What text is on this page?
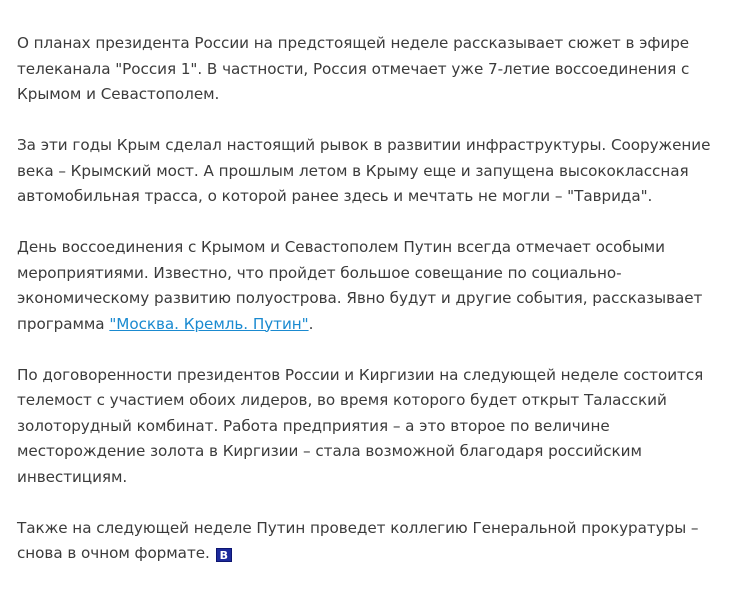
О планах президента России на предстоящей неделе рассказывает сюжет в эфире телеканала "Россия 1". В частности, Россия отмечает уже 7-летие воссоединения с Крымом и Севастополем.

За эти годы Крым сделал настоящий рывок в развитии инфраструктуры. Сооружение века – Крымский мост. А прошлым летом в Крыму еще и запущена высококлассная автомобильная трасса, о которой ранее здесь и мечтать не могли – "Таврида".

День воссоединения с Крымом и Севастополем Путин всегда отмечает особыми мероприятиями. Известно, что пройдет большое совещание по социально-экономическому развитию полуострова. Явно будут и другие события, рассказывает программа "Москва. Кремль. Путин".

По договоренности президентов России и Киргизии на следующей неделе состоится телемост с участием обоих лидеров, во время которого будет открыт Таласский золоторудный комбинат. Работа предприятия – а это второе по величине месторождение золота в Киргизии – стала возможной благодаря российским инвестициям.

Также на следующей неделе Путин проведет коллегию Генеральной прокуратуры – снова в очном формате. В
